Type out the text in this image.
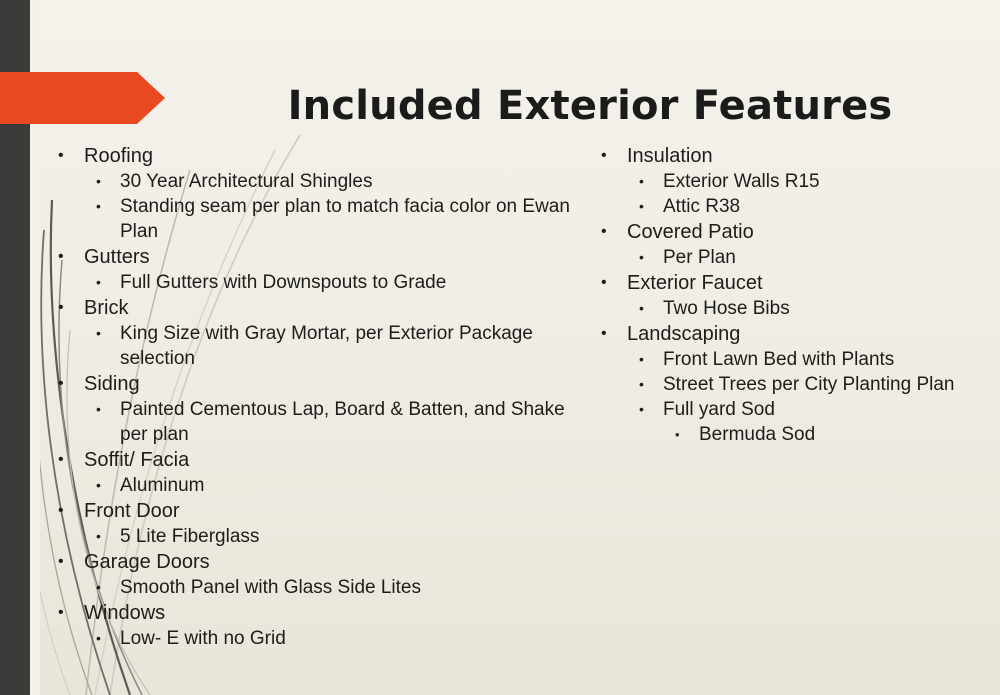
Included Exterior Features
• Roofing
• 30 Year Architectural Shingles
• Standing seam per plan to match facia color on Ewan Plan
• Gutters
• Full Gutters with Downspouts to Grade
• Brick
• King Size with Gray Mortar, per Exterior Package selection
• Siding
• Painted Cementous Lap, Board & Batten, and Shake per plan
• Soffit/ Facia
• Aluminum
• Front Door
• 5 Lite Fiberglass
• Garage Doors
• Smooth Panel with Glass Side Lites
• Windows
• Low- E with no Grid
• Insulation
• Exterior Walls R15
• Attic R38
• Covered Patio
• Per Plan
• Exterior Faucet
• Two Hose Bibs
• Landscaping
• Front Lawn Bed with Plants
• Street Trees per City Planting Plan
• Full yard Sod
• Bermuda Sod
